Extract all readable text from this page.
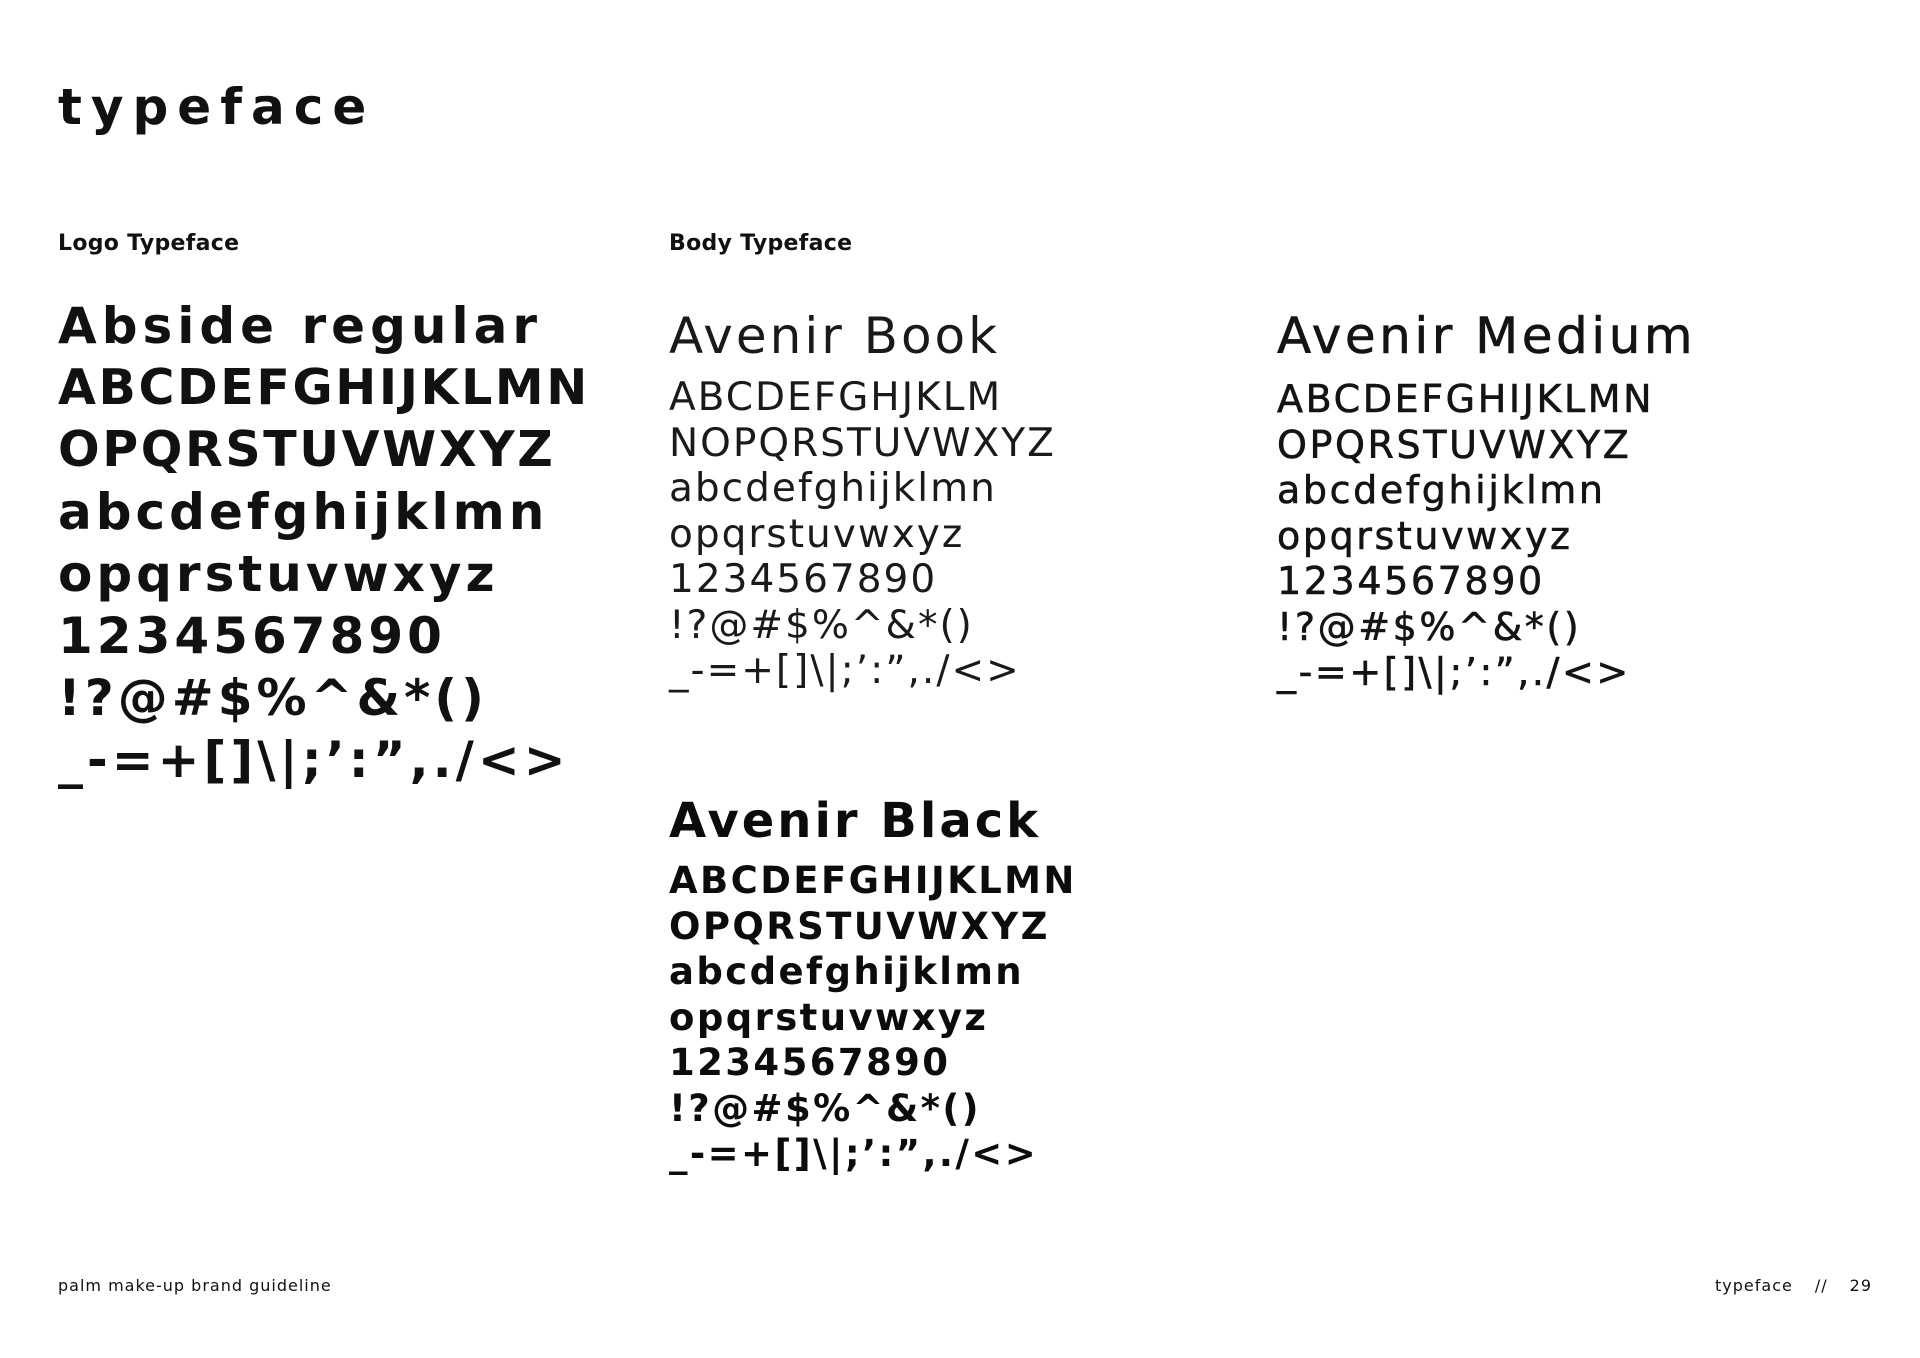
typeface

Logo Typeface	Body Typeface

Abside regular
ABCDEFGHIJKLMN
OPQRSTUVWXYZ
abcdefghijklmn
opqrstuvwxyz
1234567890
!?@#$%^&*()
_-=+[]\|;’:”,./<>
Avenir Book
ABCDEFGHJKLM
NOPQRSTUVWXYZ
abcdefghijklmn
opqrstuvwxyz
1234567890
!?@#$%^&*()
_-=+[]\|;’:”,./<>
Avenir Medium
ABCDEFGHIJKLMN
OPQRSTUVWXYZ
abcdefghijklmn
opqrstuvwxyz
1234567890
!?@#$%^&*()
_-=+[]\|;’:”,./<>
Avenir Black
ABCDEFGHIJKLMN
OPQRSTUVWXYZ
abcdefghijklmn
opqrstuvwxyz
1234567890
!?@#$%^&*()
_-=+[]\|;’:”,./<>

palm make-up brand guideline	typeface // 29
